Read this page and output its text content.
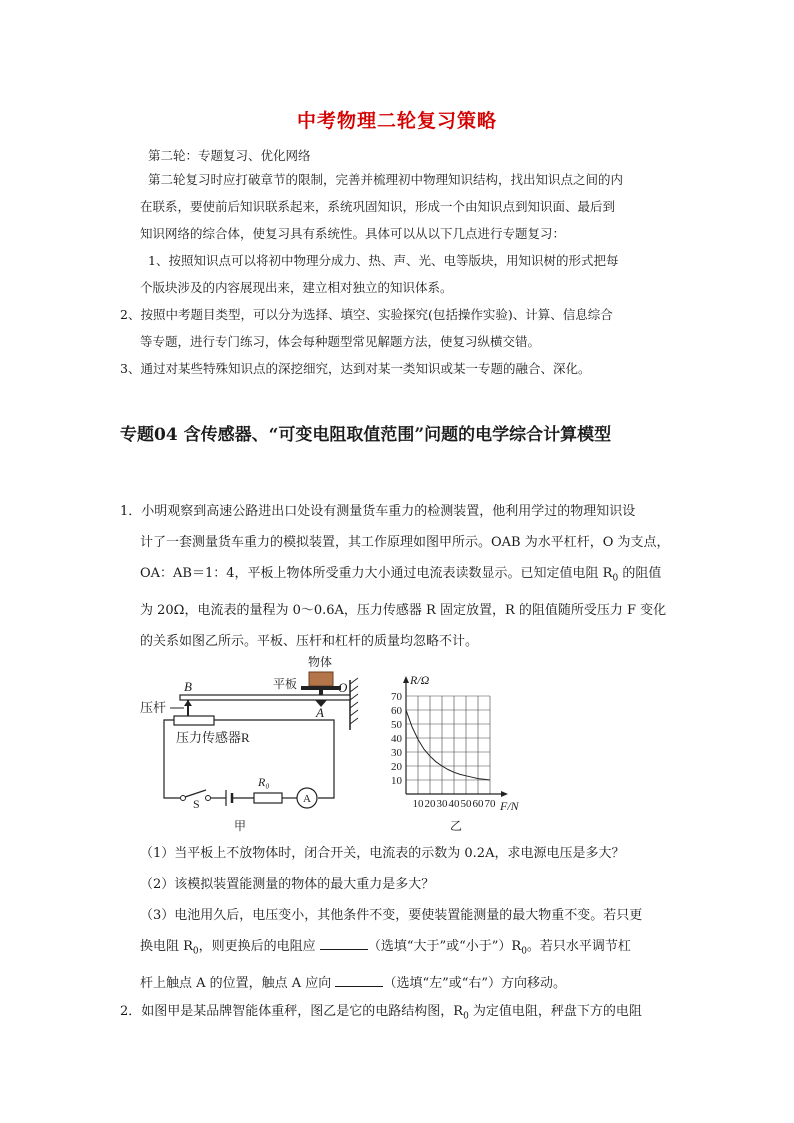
中考物理二轮复习策略
第二轮：专题复习、优化网络
第二轮复习时应打破章节的限制，完善并梳理初中物理知识结构，找出知识点之间的内
在联系，要使前后知识联系起来，系统巩固知识，形成一个由知识点到知识面、最后到
知识网络的综合体，使复习具有系统性。具体可以从以下几点进行专题复习：
1、按照知识点可以将初中物理分成力、热、声、光、电等版块，用知识树的形式把每
个版块涉及的内容展现出来，建立相对独立的知识体系。
2、按照中考题目类型，可以分为选择、填空、实验探究(包括操作实验)、计算、信息综合
等专题，进行专门练习，体会每种题型常见解题方法，使复习纵横交错。
3、通过对某些特殊知识点的深挖细究，达到对某一类知识或某一专题的融合、深化。
专题04 含传感器、“可变电阻取值范围”问题的电学综合计算模型
1．小明观察到高速公路进出口处设有测量货车重力的检测装置，他利用学过的物理知识设
计了一套测量货车重力的模拟装置，其工作原理如图甲所示。OAB 为水平杠杆，O 为支点，
OA：AB＝1：4，平板上物体所受重力大小通过电流表读数显示。已知定值电阻 $R_0$ 的阻值
为 20Ω，电流表的量程为 0～0.6A，压力传感器 R 固定放置，R 的阻值随所受压力 F 变化
的关系如图乙所示。平板、压杆和杠杆的质量均忽略不计。
物体
平板
B	O
A
压杆
压力传感器R
S
R₀
A
甲
10 20 30 40 50 60 70
10
20
30
40
50
60
70
R/Ω
F/N
乙
（1）当平板上不放物体时，闭合开关，电流表的示数为 0.2A，求电源电压是多大？
（2）该模拟装置能测量的物体的最大重力是多大？
（3）电池用久后，电压变小，其他条件不变，要使装置能测量的最大物重不变。若只更
换电阻 $R_0$，则更换后的电阻应	（选填“大于”或“小于$”)R_0$。若只水平调节杠
杆上触点 A 的位置，触点 A 应向	（选填“左”或“右”）方向移动。
2．如图甲是某品牌智能体重秤，图乙是它的电路结构图，$R_0$ 为定值电阻，秤盘下方的电阻
